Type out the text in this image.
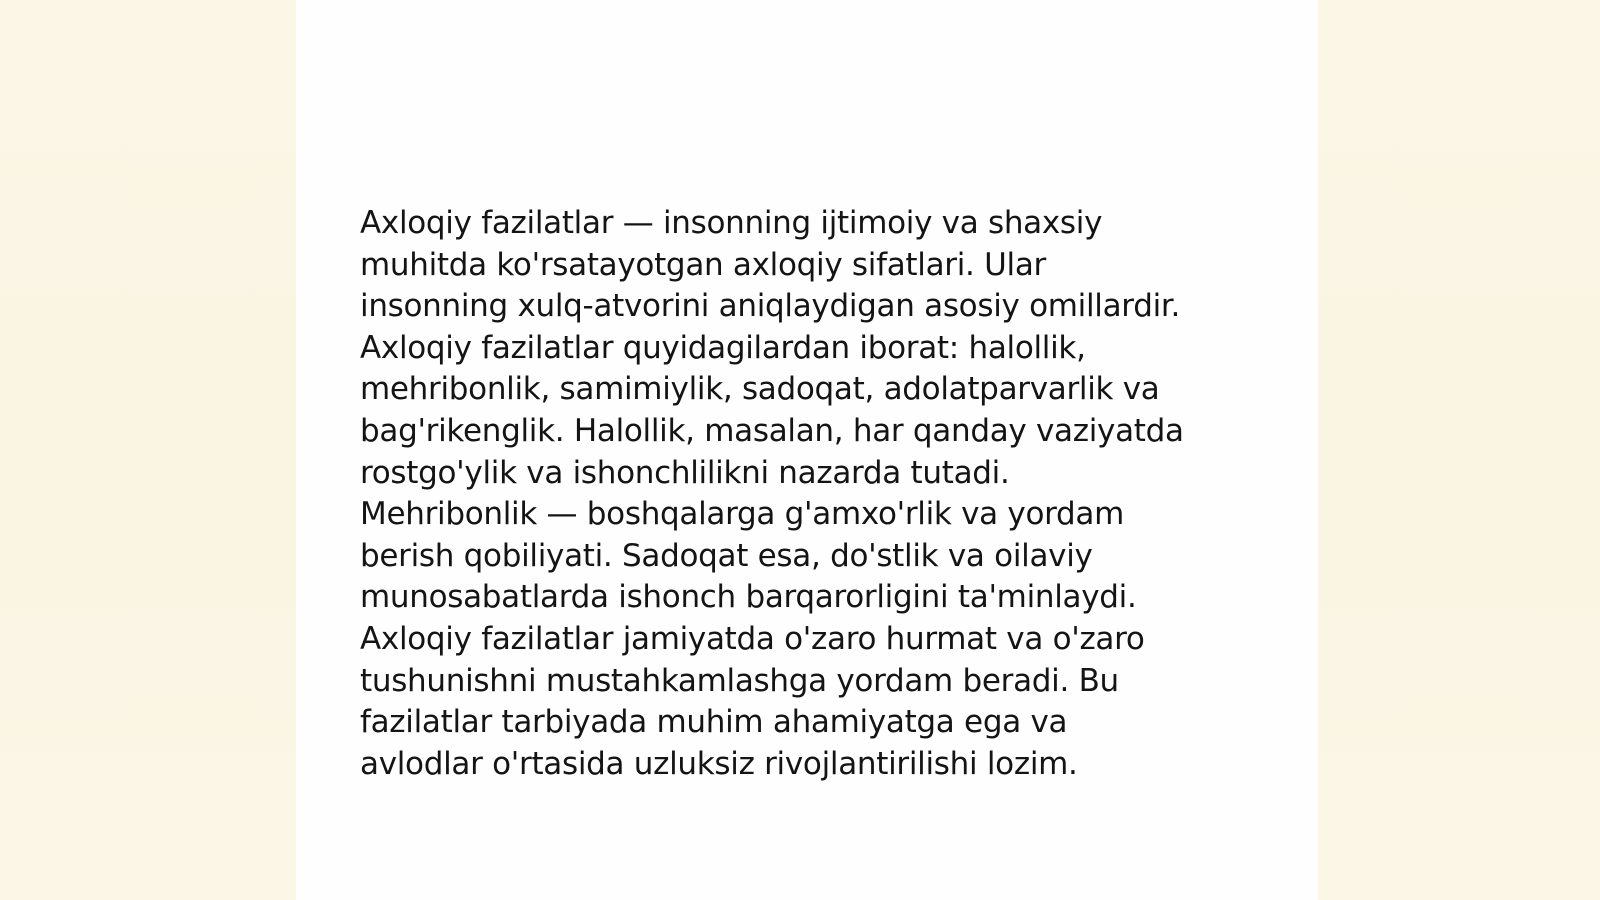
Axloqiy fazilatlar — insonning ijtimoiy va shaxsiy
muhitda ko'rsatayotgan axloqiy sifatlari. Ular
insonning xulq-atvorini aniqlaydigan asosiy omillardir.
Axloqiy fazilatlar quyidagilardan iborat: halollik,
mehribonlik, samimiylik, sadoqat, adolatparvarlik va
bag'rikenglik. Halollik, masalan, har qanday vaziyatda
rostgo'ylik va ishonchlilikni nazarda tutadi.
Mehribonlik — boshqalarga g'amxo'rlik va yordam
berish qobiliyati. Sadoqat esa, do'stlik va oilaviy
munosabatlarda ishonch barqarorligini ta'minlaydi.
Axloqiy fazilatlar jamiyatda o'zaro hurmat va o'zaro
tushunishni mustahkamlashga yordam beradi. Bu
fazilatlar tarbiyada muhim ahamiyatga ega va
avlodlar o'rtasida uzluksiz rivojlantirilishi lozim.
